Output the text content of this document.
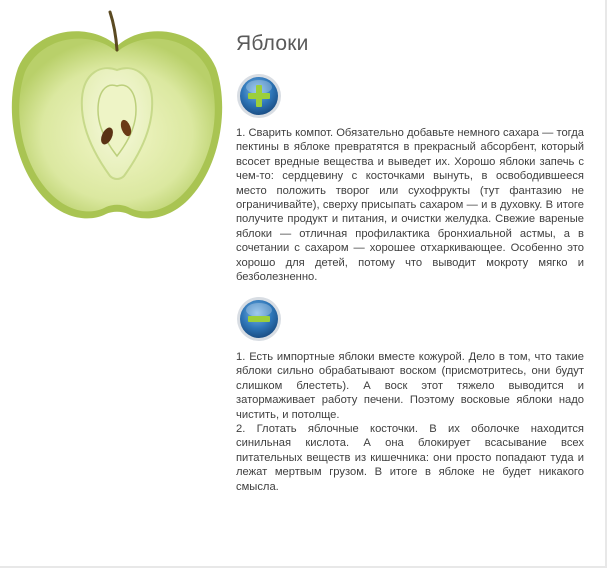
Яблоки

1. Сварить компот. Обязательно добавьте немного сахара — тогда пектины в яблоке превратятся в прекрасный абсорбент, который всосет вредные вещества и выведет их. Хорошо яблоки запечь с чем-то: сердцевину с косточками вынуть, в освободившееся место положить творог или сухофрукты (тут фантазию не ограничивайте), сверху присыпать сахаром — и в духовку. В итоге получите продукт и питания, и очистки желудка. Свежие вареные яблоки — отличная профилактика бронхиальной астмы, а в сочетании с сахаром — хорошее отхаркивающее. Особенно это хорошо для детей, потому что выводит мокроту мягко и безболезненно.

1. Есть импортные яблоки вместе кожурой. Дело в том, что такие яблоки сильно обрабатывают воском (присмотритесь, они будут слишком блестеть). А воск этот тяжело выводится и затормаживает работу печени. Поэтому восковые яблоки надо чистить, и потолще.

2. Глотать яблочные косточки. В их оболочке находится синильная кислота. А она блокирует всасывание всех питательных веществ из кишечника: они просто попадают туда и лежат мертвым грузом. В итоге в яблоке не будет никакого смысла.
